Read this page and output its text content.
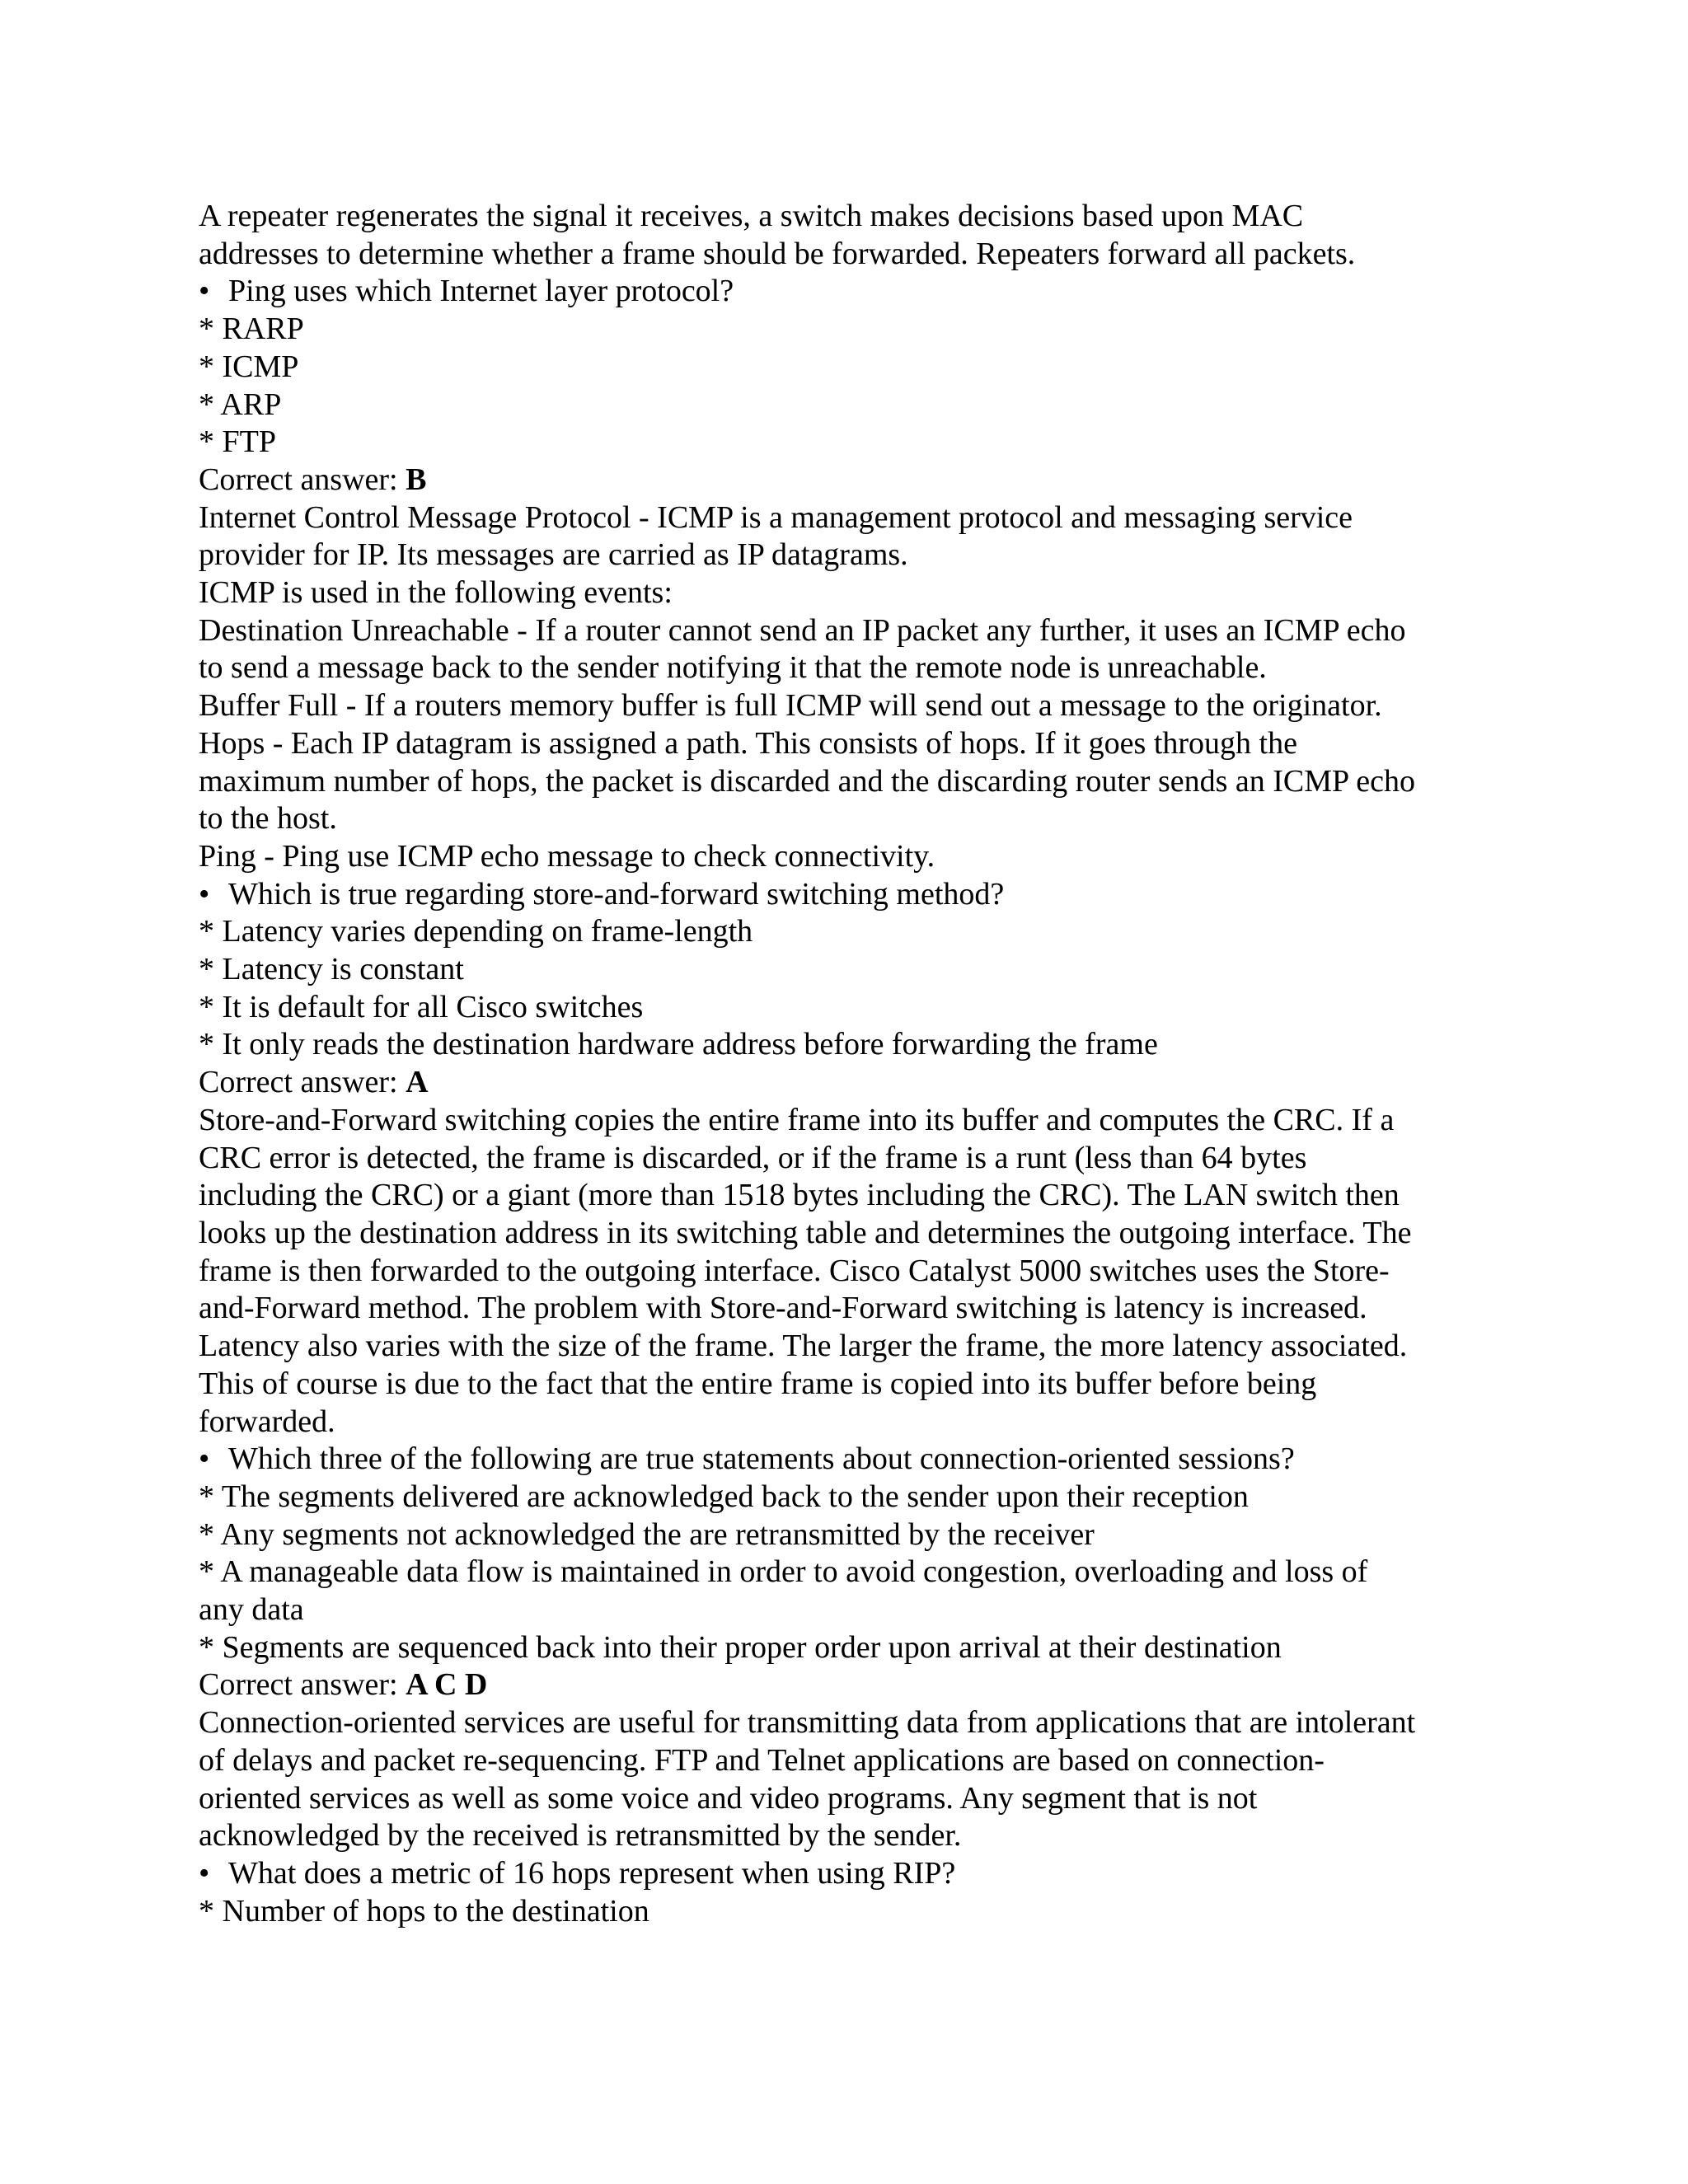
A repeater regenerates the signal it receives, a switch makes decisions based upon MAC
addresses to determine whether a frame should be forwarded. Repeaters forward all packets.
• Ping uses which Internet layer protocol?
* RARP
* ICMP
* ARP
* FTP
Correct answer: B
Internet Control Message Protocol - ICMP is a management protocol and messaging service
provider for IP. Its messages are carried as IP datagrams.
ICMP is used in the following events:
Destination Unreachable - If a router cannot send an IP packet any further, it uses an ICMP echo
to send a message back to the sender notifying it that the remote node is unreachable.
Buffer Full - If a routers memory buffer is full ICMP will send out a message to the originator.
Hops - Each IP datagram is assigned a path. This consists of hops. If it goes through the
maximum number of hops, the packet is discarded and the discarding router sends an ICMP echo
to the host.
Ping - Ping use ICMP echo message to check connectivity.
• Which is true regarding store-and-forward switching method?
* Latency varies depending on frame-length
* Latency is constant
* It is default for all Cisco switches
* It only reads the destination hardware address before forwarding the frame
Correct answer: A
Store-and-Forward switching copies the entire frame into its buffer and computes the CRC. If a
CRC error is detected, the frame is discarded, or if the frame is a runt (less than 64 bytes
including the CRC) or a giant (more than 1518 bytes including the CRC). The LAN switch then
looks up the destination address in its switching table and determines the outgoing interface. The
frame is then forwarded to the outgoing interface. Cisco Catalyst 5000 switches uses the Store-
and-Forward method. The problem with Store-and-Forward switching is latency is increased.
Latency also varies with the size of the frame. The larger the frame, the more latency associated.
This of course is due to the fact that the entire frame is copied into its buffer before being
forwarded.
• Which three of the following are true statements about connection-oriented sessions?
* The segments delivered are acknowledged back to the sender upon their reception
* Any segments not acknowledged the are retransmitted by the receiver
* A manageable data flow is maintained in order to avoid congestion, overloading and loss of
any data
* Segments are sequenced back into their proper order upon arrival at their destination
Correct answer: A C D
Connection-oriented services are useful for transmitting data from applications that are intolerant
of delays and packet re-sequencing. FTP and Telnet applications are based on connection-
oriented services as well as some voice and video programs. Any segment that is not
acknowledged by the received is retransmitted by the sender.
• What does a metric of 16 hops represent when using RIP?
* Number of hops to the destination
